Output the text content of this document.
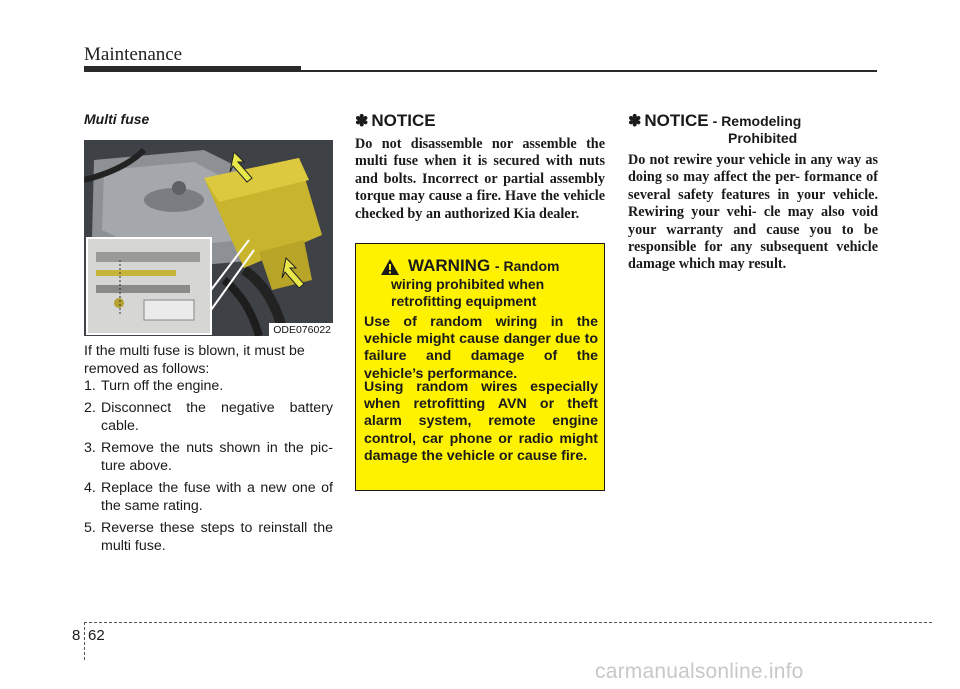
Maintenance
Multi fuse
ODE076022
If the multi fuse is blown, it must be removed as follows:
1. Turn off the engine.
2. Disconnect the negative battery cable.
3. Remove the nuts shown in the pic- ture above.
4. Replace the fuse with a new one of the same rating.
5. Reverse these steps to reinstall the multi fuse.
✽ NOTICE
Do not disassemble nor assemble the multi fuse when it is secured with nuts and bolts. Incorrect or partial assembly torque may cause a fire. Have the vehicle checked by an authorized Kia dealer.
WARNING - Random
wiring prohibited when retrofitting equipment
Use of random wiring in the vehicle might cause danger due to failure and damage of the vehicle’s performance.
Using random wires especially when retrofitting AVN or theft alarm system, remote engine control, car phone or radio might damage the vehicle or cause fire.
✽ NOTICE - Remodeling
Prohibited
Do not rewire your vehicle in any way as doing so may affect the per- formance of several safety features in your vehicle. Rewiring your vehi- cle may also void your warranty and cause you to be responsible for any subsequent vehicle damage which may result.
8 62
carmanualsonline.info
